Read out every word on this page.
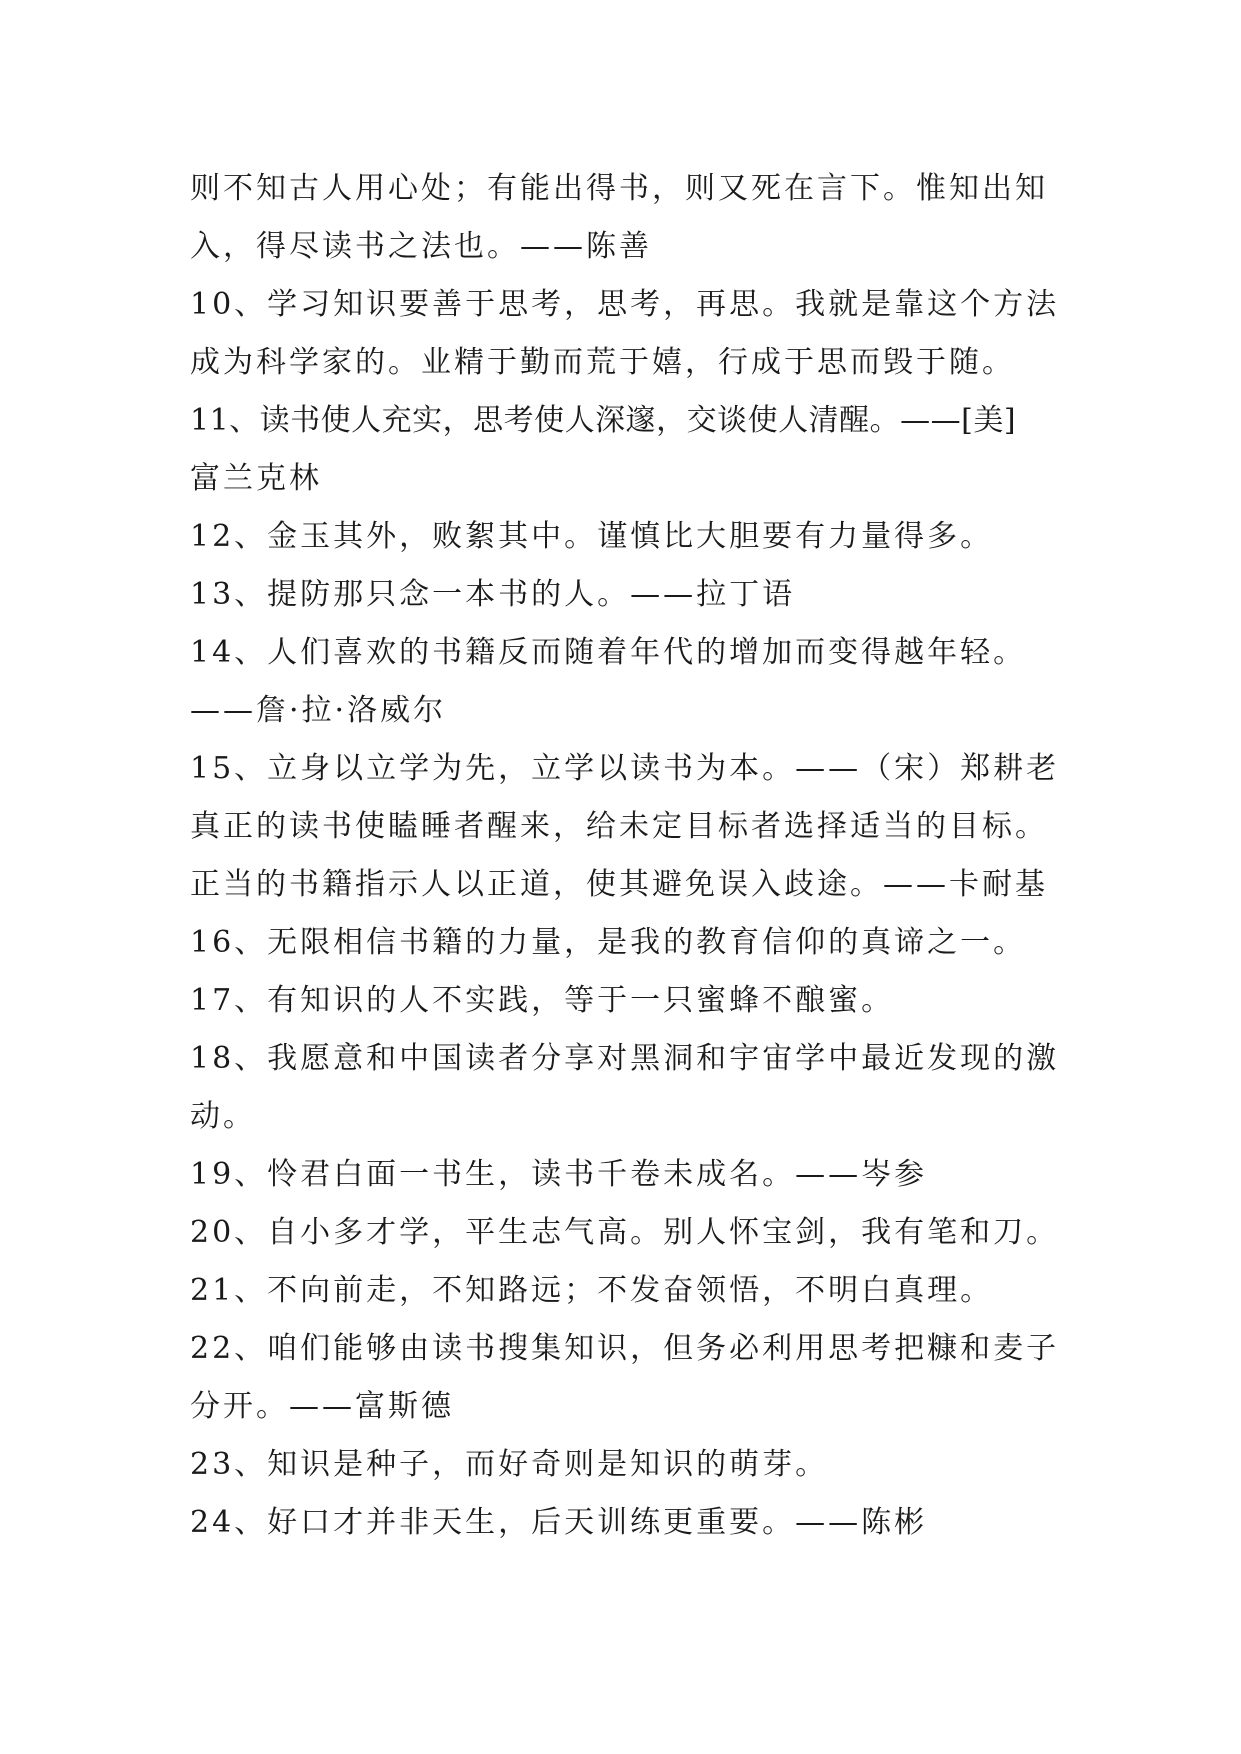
则不知古人用心处；有能出得书，则又死在言下。惟知出知
入，得尽读书之法也。——陈善
10、学习知识要善于思考，思考，再思。我就是靠这个方法
成为科学家的。业精于勤而荒于嬉，行成于思而毁于随。
11、读书使人充实，思考使人深邃，交谈使人清醒。——[美]
富兰克林
12、金玉其外，败絮其中。谨慎比大胆要有力量得多。
13、提防那只念一本书的人。——拉丁语
14、人们喜欢的书籍反而随着年代的增加而变得越年轻。
——詹·拉·洛威尔
15、立身以立学为先，立学以读书为本。——（宋）郑耕老
真正的读书使瞌睡者醒来，给未定目标者选择适当的目标。
正当的书籍指示人以正道，使其避免误入歧途。——卡耐基
16、无限相信书籍的力量，是我的教育信仰的真谛之一。
17、有知识的人不实践，等于一只蜜蜂不酿蜜。
18、我愿意和中国读者分享对黑洞和宇宙学中最近发现的激
动。
19、怜君白面一书生，读书千卷未成名。——岑参
20、自小多才学，平生志气高。别人怀宝剑，我有笔和刀。
21、不向前走，不知路远；不发奋领悟，不明白真理。
22、咱们能够由读书搜集知识，但务必利用思考把糠和麦子
分开。——富斯德
23、知识是种子，而好奇则是知识的萌芽。
24、好口才并非天生，后天训练更重要。——陈彬
